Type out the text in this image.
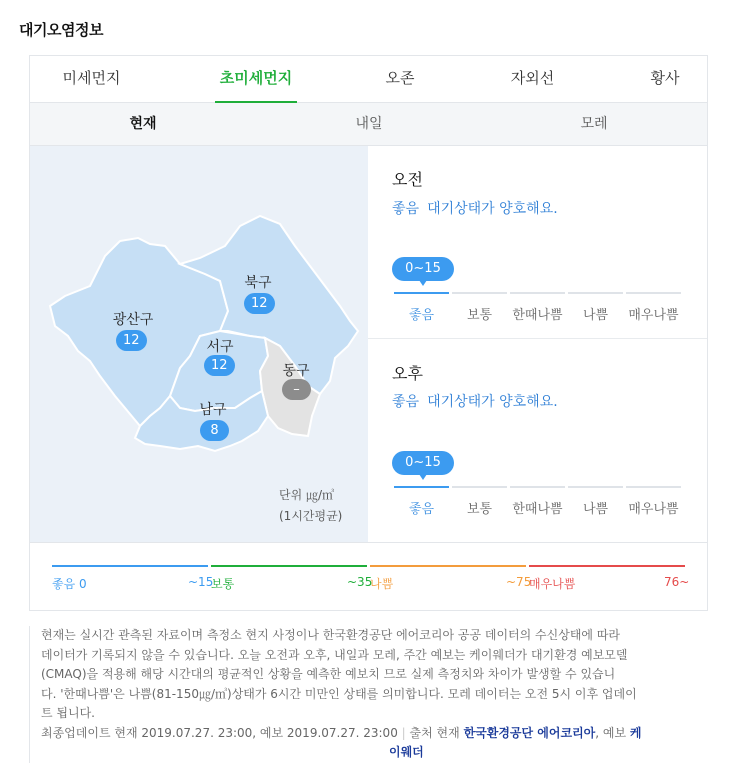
대기오염정보
미세먼지	초미세먼지	오존	자외선	황사
현재	내일	모레
광산구
12
북구
12
서구
12	동구
–
남구
8
단위 ㎍/㎥
(1시간평균)
오전
좋음 대기상태가 양호해요.
0~15
좋음	보통	한때나쁨	나쁨	매우나쁨
오후
좋음 대기상태가 양호해요.
0~15
좋음	보통	한때나쁨	나쁨	매우나쁨
좋음 0	~15
보통	~35
나쁨	~75
매우나쁨	76~
현재는 실시간 관측된 자료이며 측정소 현지 사정이나 한국환경공단 에어코리아 공공 데이터의 수신상태에 따라
데이터가 기록되지 않을 수 있습니다. 오늘 오전과 오후, 내일과 모레, 주간 예보는 케이웨더가 대기환경 예보모델
(CMAQ)을 적용해 해당 시간대의 평균적인 상황을 예측한 예보치 므로 실제 측정치와 차이가 발생할 수 있습니
다. '한때나쁨'은 나쁨(81-150㎍/㎥)상태가 6시간 미만인 상태를 의미합니다. 모레 데이터는 오전 5시 이후 업데이
트 됩니다.
최종업데이트 현재 2019.07.27. 23:00, 예보 2019.07.27. 23:00 | 출처 현재 한국환경공단 에어코리아, 예보 케
이웨더
